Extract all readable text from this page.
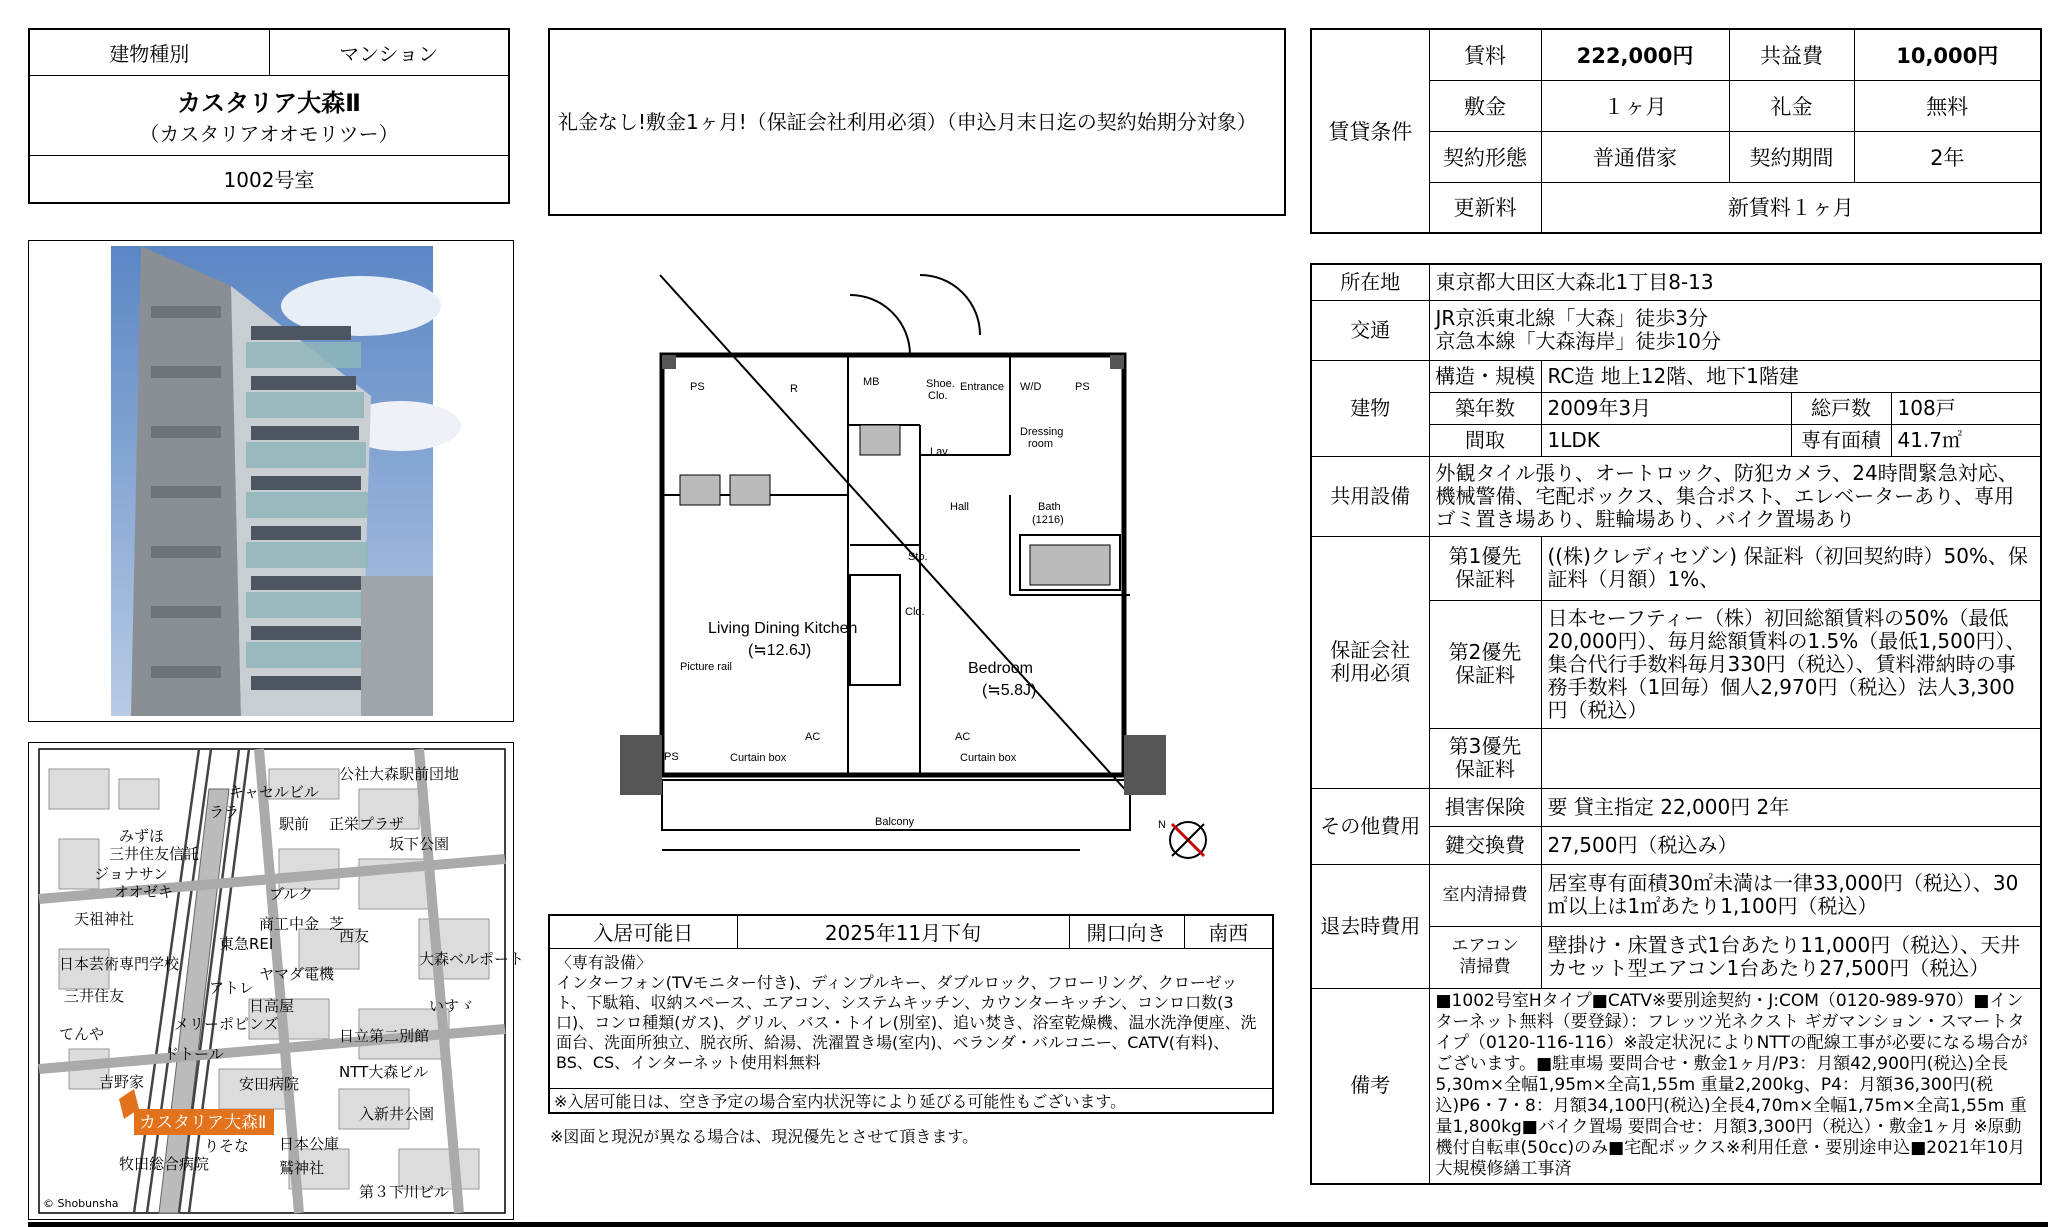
建物種別	マンション

カスタリア大森Ⅱ
（カスタリアオオモリツー）

1002号室
礼金なし!敷金1ヶ月!（保証会社利用必須）（申込月末日迄の契約始期分対象）
公社大森駅前団地
キャセルビル
ララ
駅前 正栄プラザ
みずほ	坂下公園
三井住友信託
ジョナサン
オオゼキ	ブルク
天祖神社	商工中金 芝
東急REI	西友
日本芸術専門学校
ヤマダ電機
大森ベルポート
三井住友
日高屋
アトレ
いすゞ
てんや
メリーポピンズ
日立第二別館
ドトール
吉野家	安田病院
NTT大森ビル
入新井公園
日本公庫
りそな
鷲神社
牧田総合病院
第３下川ビル
カスタリア大森Ⅱ
© Shobunsha
PS	R
MB	Shoe.
Clo.
Entrance W/D	PS
Lav.
Dressing
room
Hall	Bath
(1216)
Sto.
Clo.
Picture rail
AC	AC
PS	Curtain box	Curtain box
Balcony	N
Living Dining Kitchen
(≒12.6J)
Bedroom
(≒5.8J)
賃貸条件	賃料	222,000円	共益費	10,000円
	敷金	１ヶ月	礼金	無料
	契約形態	普通借家	契約期間	2年
	更新料	新賃料１ヶ月		
所在地	東京都大田区大森北1丁目8-13			
交通	JR京浜東北線「大森」徒歩3分
京急本線「大森海岸」徒歩10分			

建物	構造・規模	RC造 地上12階、地下1階建		
	築年数	2009年3月	総戸数	108戸
	間取	1LDK	専有面積	41.7㎡
共用設備	外観タイル張り、オートロック、防犯カメラ、24時間緊急対応、機械警備、宅配ボックス、集合ポスト、エレベーターあり、専用ゴミ置き場あり、駐輪場あり、バイク置場あり			

保証会社
利用必須	第1優先
保証料	((株)クレディセゾン) 保証料（初回契約時）50%、保証料（月額）1%、		

	第2優先
保証料	日本セーフティー（株）初回総額賃料の50%（最低20,000円）、毎月総額賃料の1.5%（最低1,500円）、集合代行手数料毎月330円（税込）、賃料滞納時の事務手数料（1回毎）個人2,970円（税込）法人3,300円（税込）		

	第3優先
保証料			

その他費用	損害保険	要 貸主指定 22,000円 2年		
	鍵交換費	27,500円（税込み）		
退去時費用	室内清掃費	居室専有面積30㎡未満は一律33,000円（税込）、30㎡以上は1㎡あたり1,100円（税込）		

	エアコン
清掃費	壁掛け・床置き式1台あたり11,000円（税込）、天井カセット型エアコン1台あたり27,500円（税込）		
備考	■1002号室Hタイプ■CATV※要別途契約・J:COM（0120-989-970）■インターネット無料（要登録）：フレッツ光ネクスト ギガマンション・スマートタイプ（0120-116-116）※設定状況によりNTTの配線工事が必要になる場合がございます。■駐車場 要問合せ・敷金1ヶ月/P3：月額42,900円(税込)全長5,30m×全幅1,95m×全高1,55m 重量2,200kg、P4：月額36,300円(税込)P6・7・8：月額34,100円(税込)全長4,70m×全幅1,75m×全高1,55m 重量1,800kg■バイク置場 要問合せ：月額3,300円（税込）・敷金1ヶ月 ※原動機付自転車(50cc)のみ■宅配ボックス※利用任意・要別途申込■2021年10月大規模修繕工事済			
入居可能日	2025年11月下旬	開口向き	南西

〈専有設備〉
インターフォン(TVモニター付き)、ディンプルキー、ダブルロック、フローリング、クローゼット、下駄箱、収納スペース、エアコン、システムキッチン、カウンターキッチン、コンロ口数(3口)、コンロ種類(ガス)、グリル、バス・トイレ(別室)、追い焚き、浴室乾燥機、温水洗浄便座、洗面台、洗面所独立、脱衣所、給湯、洗濯置き場(室内)、ベランダ・バルコニー、CATV(有料)、BS、CS、インターネット使用料無料

※入居可能日は、空き予定の場合室内状況等により延びる可能性もございます。
※図面と現況が異なる場合は、現況優先とさせて頂きます。
